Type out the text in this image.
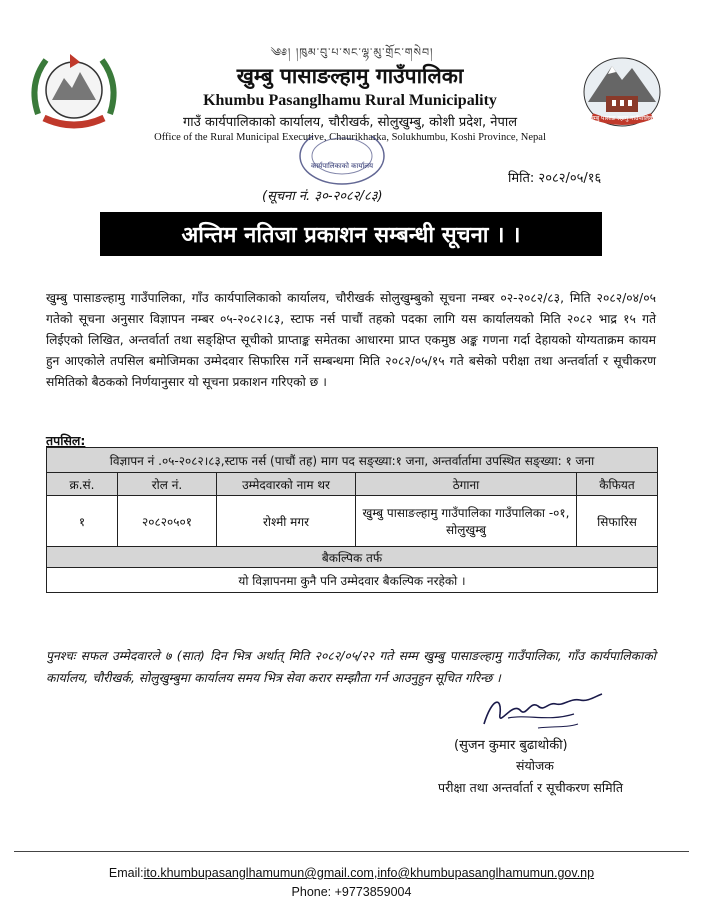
༄༅། །ཁུམ་བུ་པ་སང་ལྷ་མུ་གྲོང་གསེབ།
खुम्बु पासाङल्हामु गाउँपालिका
Khumbu Pasanglhamu Rural Municipality
गाउँ कार्यपालिकाको कार्यालय, चौरीखर्क, सोलुखुम्बु, कोशी प्रदेश, नेपाल
Office of the Rural Municipal Executive, Chaurikharka, Solukhumbu, Koshi Province, Nepal
खुम्बु पासाङ ल्हामु गाउँपालिका
कार्यपालिकाको कार्यालय
मिति: २०८२/०५/१६
(सूचना नं. ३०-२०८२/८३)
अन्तिम नतिजा प्रकाशन सम्बन्धी सूचना । ।
खुम्बु पासाङल्हामु गाउँपालिका, गाँउ कार्यपालिकाको कार्यालय, चौरीखर्क सोलुखुम्बुको सूचना नम्बर ०२-२०८२/८३, मिति २०८२/०४/०५ गतेको सूचना अनुसार विज्ञापन नम्बर ०५-२०८२।८३, स्टाफ नर्स पाचौं तहको पदका लागि यस कार्यालयको मिति २०८२ भाद्र १५ गते लिईएको लिखित, अन्तर्वार्ता तथा सङ्क्षिप्त सूचीको प्राप्ताङ्क समेतका आधारमा प्राप्त एकमुष्ठ अङ्क गणना गर्दा देहायको योग्यताक्रम कायम हुन आएकोले तपसिल बमोजिमका उम्मेदवार सिफारिस गर्ने सम्बन्धमा मिति २०८२/०५/१५ गते बसेको परीक्षा तथा अन्तर्वार्ता र सूचीकरण समितिको बैठकको निर्णयानुसार यो सूचना प्रकाशन गरिएको छ ।
तपसिल:
विज्ञापन नं .०५-२०८२।८३,स्टाफ नर्स (पाचौं तह) माग पद सङ्ख्या:१ जना, अन्तर्वार्तामा उपस्थित सङ्ख्या: १ जना				
क्र.सं.	रोल नं.	उम्मेदवारको नाम थर	ठेगाना	कैफियत
१	२०८२०५०१	रोश्मी मगर	खुम्बु पासाङल्हामु गाउँपालिका गाउँपालिका -०१, सोलुखुम्बु	सिफारिस
बैकल्पिक तर्फ				
यो विज्ञापनमा कुनै पनि उम्मेदवार बैकल्पिक नरहेको ।				
पुनश्चः सफल उम्मेदवारले ७ (सात) दिन भित्र अर्थात् मिति २०८२/०५/२२ गते सम्म खुम्बु पासाङल्हामु गाउँपालिका, गाँउ कार्यपालिकाको कार्यालय, चौरीखर्क, सोलुखुम्बुमा कार्यालय समय भित्र सेवा करार सम्झौता गर्न आउनुहुन सूचित गरिन्छ ।
(सुजन कुमार बुढाथोकी)
संयोजक
परीक्षा तथा अन्तर्वार्ता र सूचीकरण समिति
Email:ito.khumbupasanglhamumun@gmail.com,info@khumbupasanglhamumun.gov.np
Phone: +9773859004
